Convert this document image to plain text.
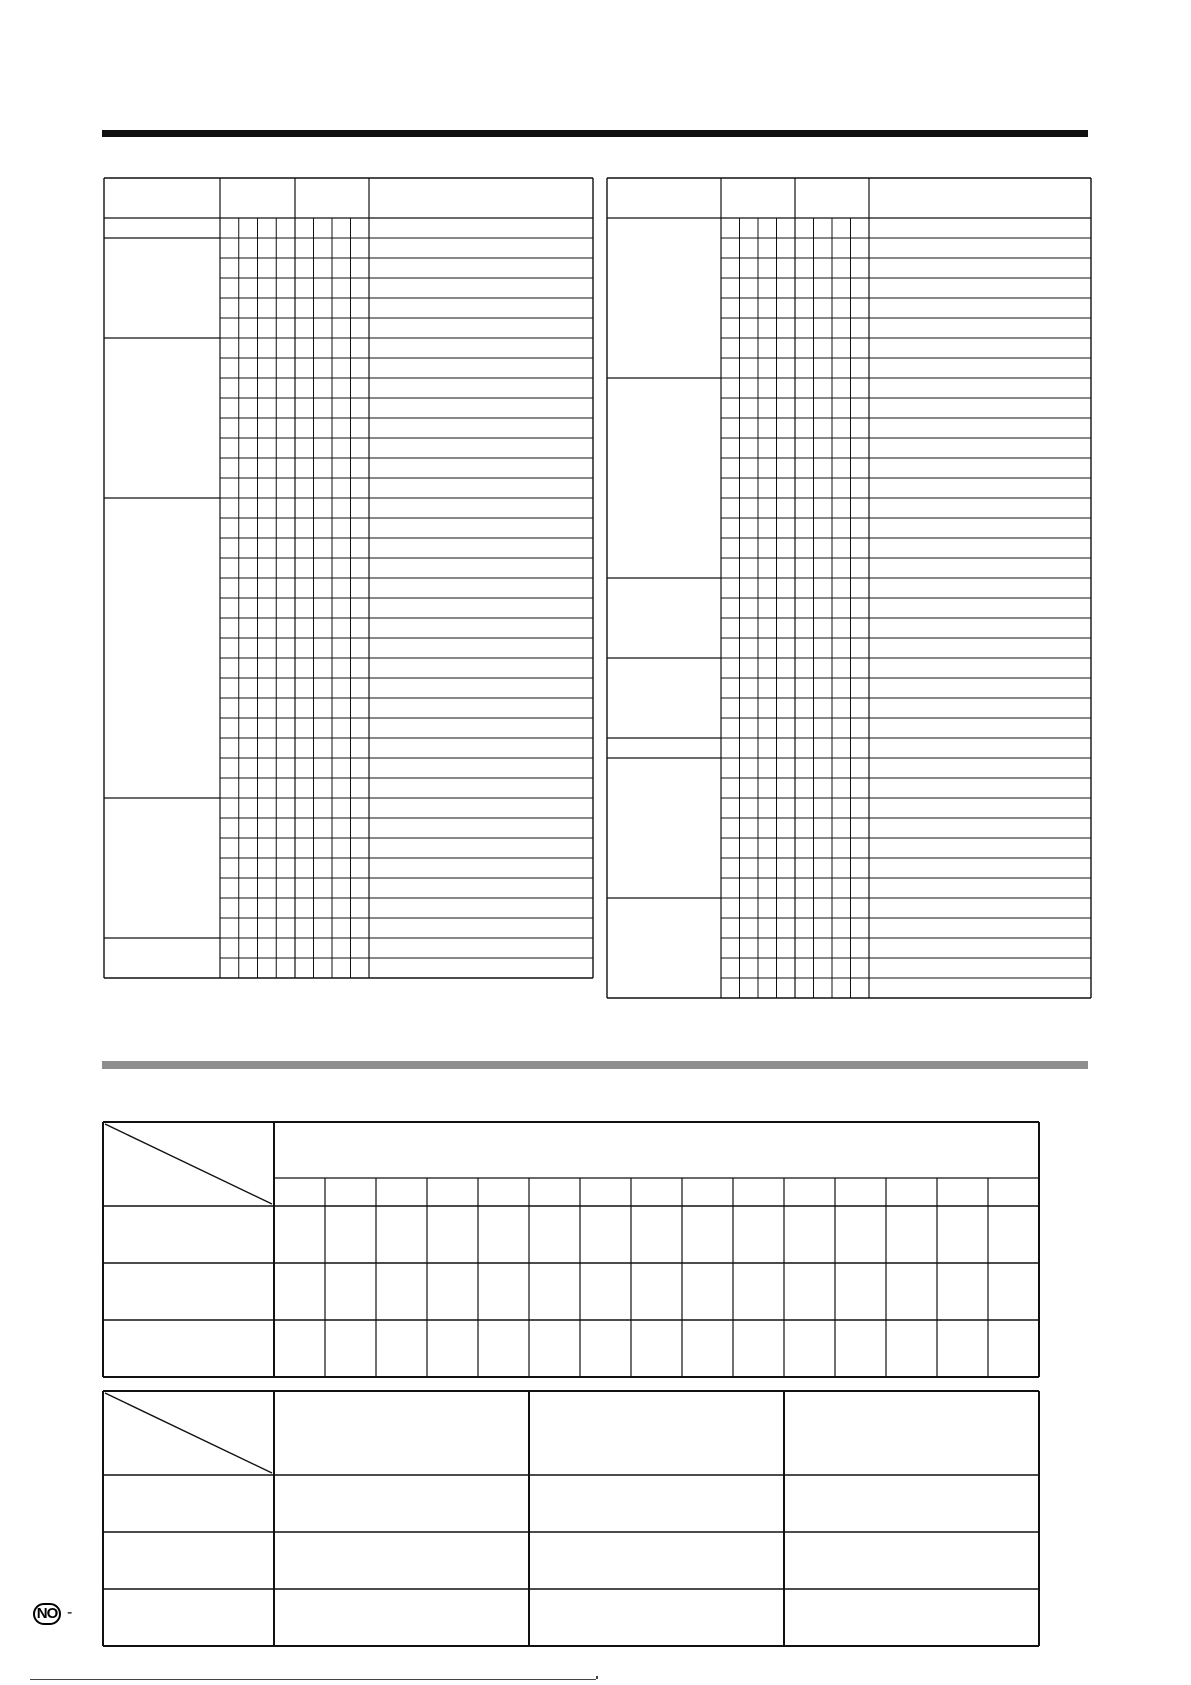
NO -
